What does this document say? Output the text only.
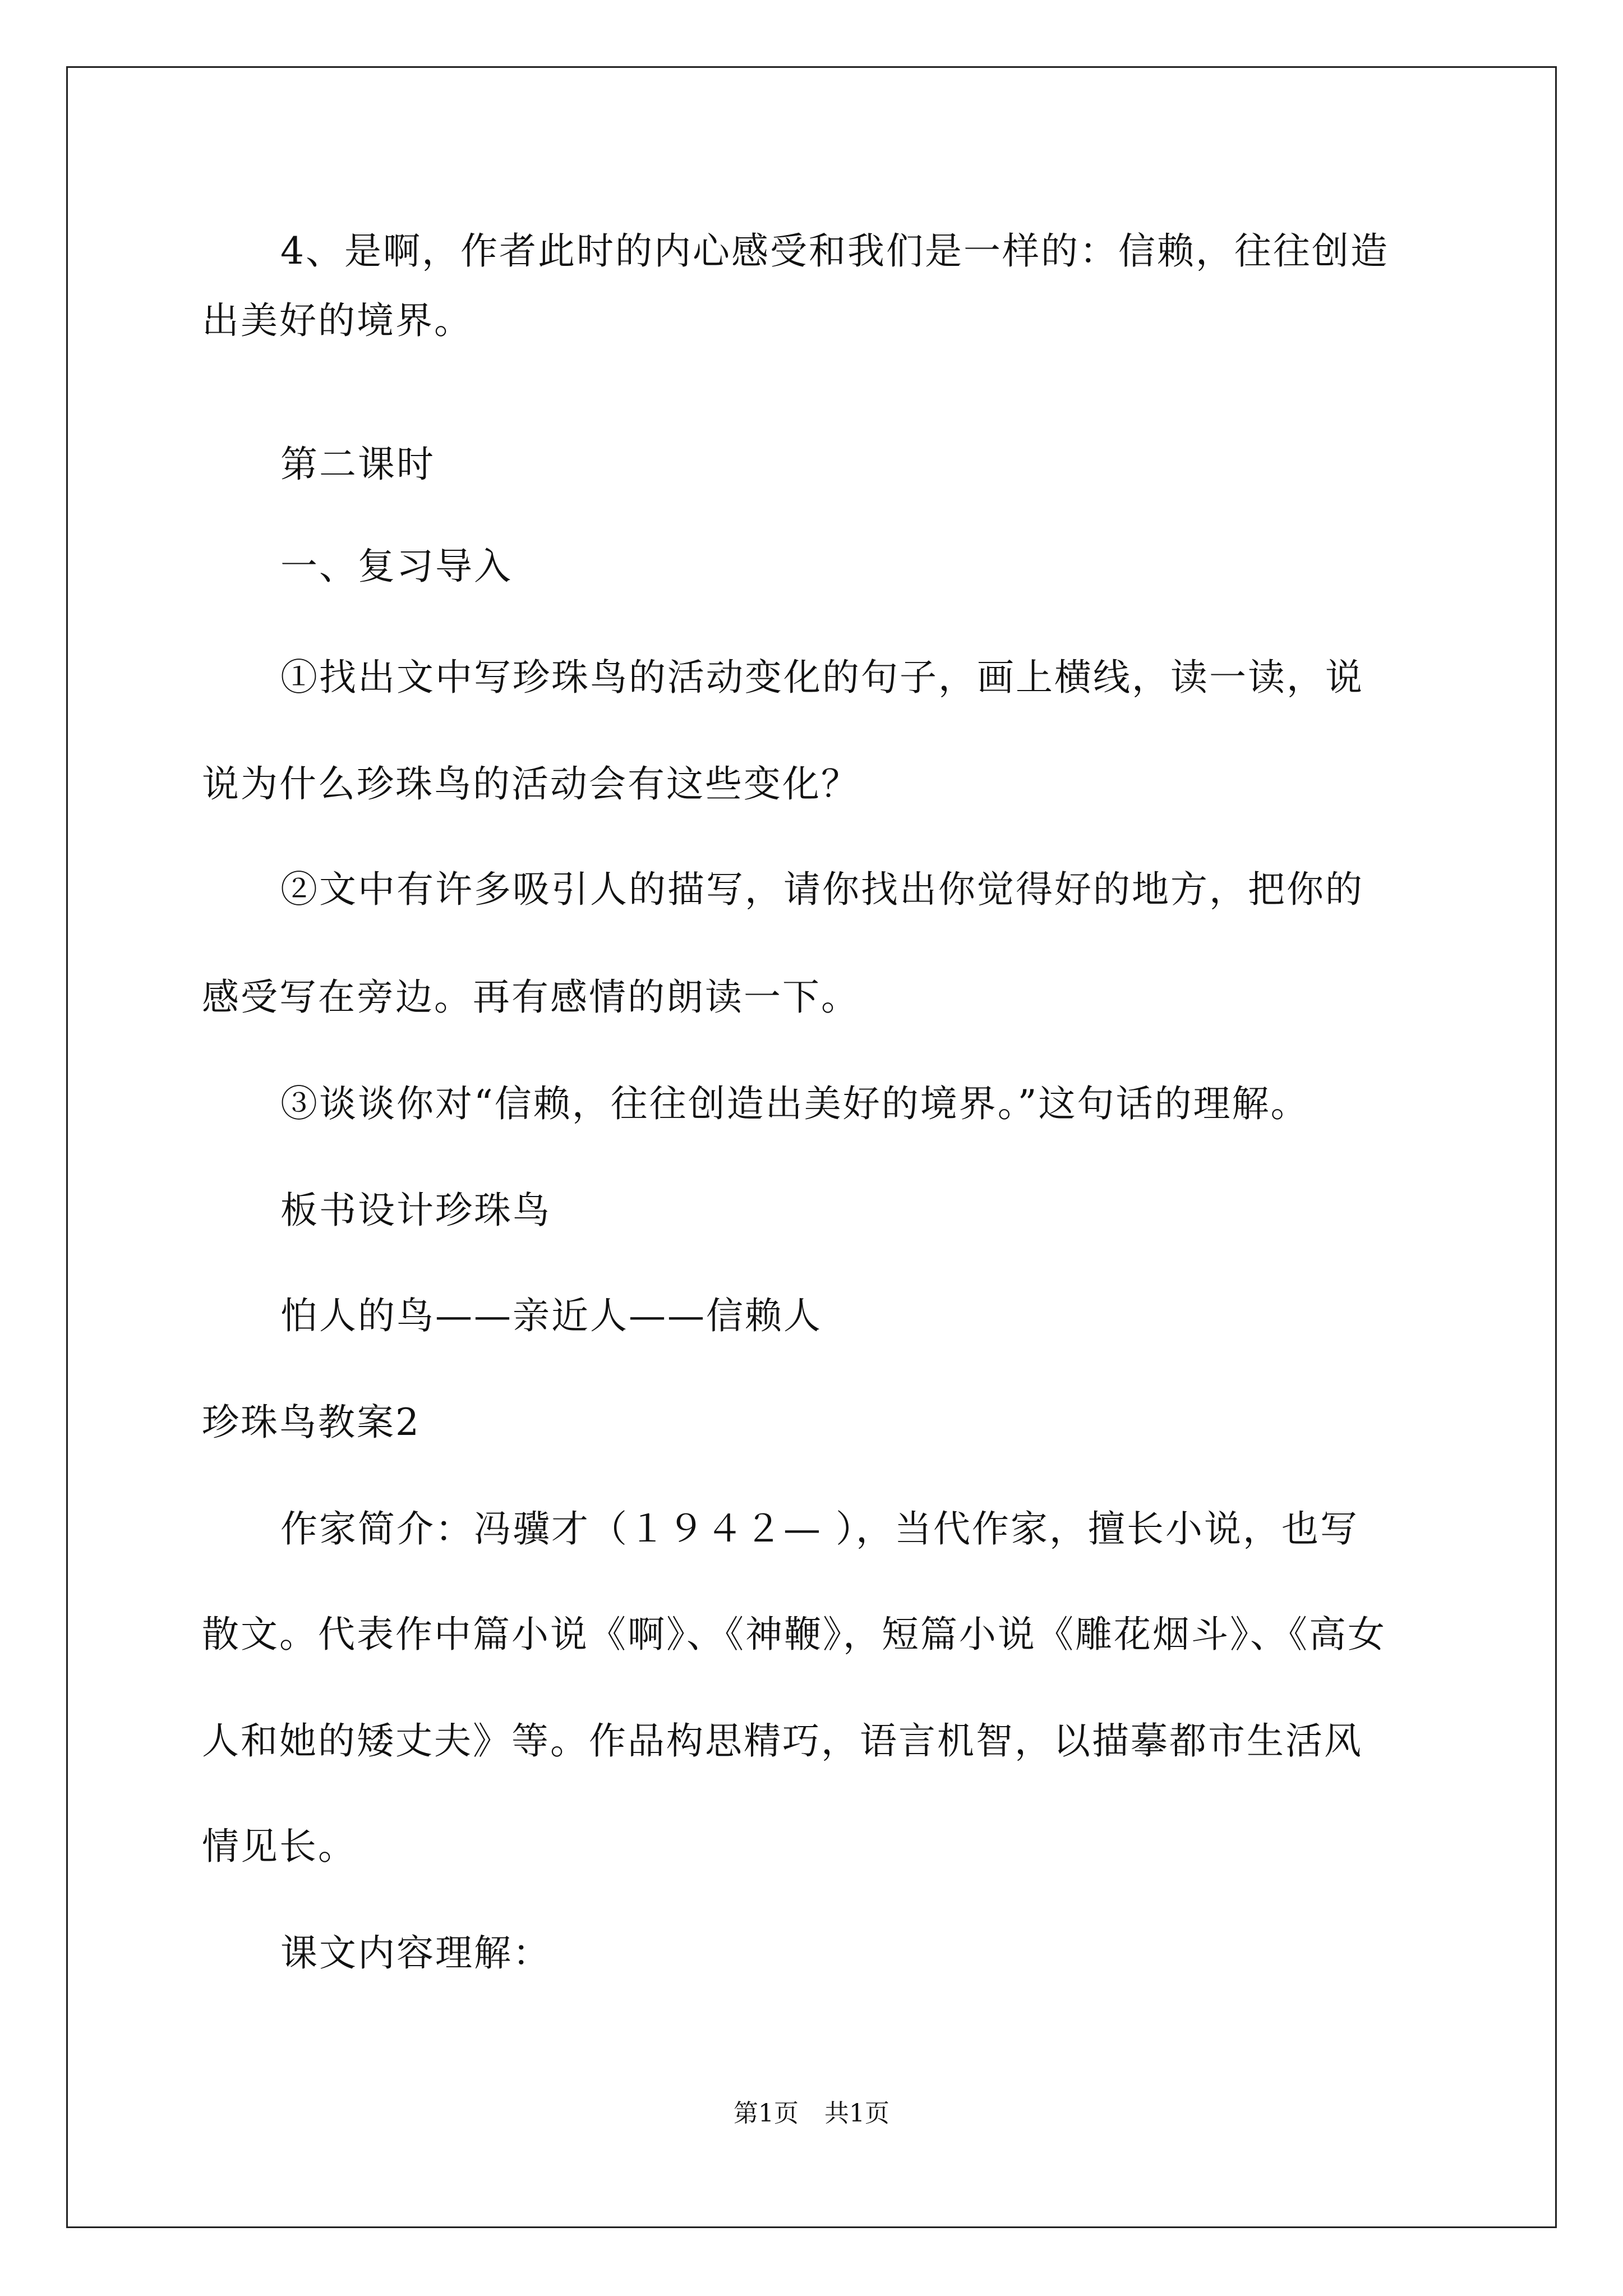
4、是啊，作者此时的内心感受和我们是一样的：信赖，往往创造
出美好的境界。
第二课时
一、复习导入
①找出文中写珍珠鸟的活动变化的句子，画上横线，读一读，说
说为什么珍珠鸟的活动会有这些变化？
②文中有许多吸引人的描写，请你找出你觉得好的地方，把你的
感受写在旁边。再有感情的朗读一下。
③谈谈你对“信赖，往往创造出美好的境界。”这句话的理解。
板书设计珍珠鸟
怕人的鸟——亲近人——信赖人
珍珠鸟教案2
作家简介：冯骥才（１９４２— ），当代作家，擅长小说，也写
散文。代表作中篇小说《啊》、《神鞭》，短篇小说《雕花烟斗》、《高女
人和她的矮丈夫》等。作品构思精巧，语言机智，以描摹都市生活风
情见长。
课文内容理解：
第1页 共1页
